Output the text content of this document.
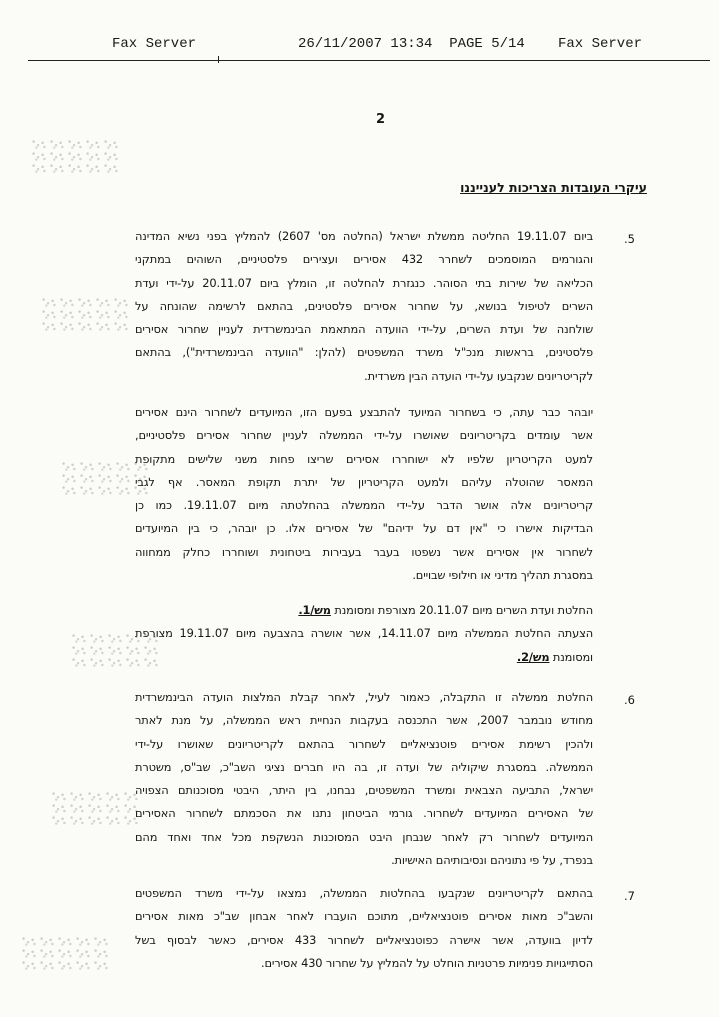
Fax Server

	26/11/2007 13:34  PAGE 5/14

Fax Server

2
עיקרי העובדות הצריכות לענייננו
.5
ביום 19.11.07 החליטה ממשלת ישראל (החלטה מס' 2607) להמליץ בפני נשיא המדינה
והגורמים המוסמכים לשחרר 432 אסירים ועצירים פלסטיניים, השוהים במתקני
הכליאה של שירות בתי הסוהר. כנגזרת להחלטה זו, הומלץ ביום 20.11.07 על-ידי ועדת
השרים לטיפול בנושא, על שחרור אסירים פלסטינים, בהתאם לרשימה שהונחה על
שולחנה של ועדת השרים, על-ידי הוועדה המתאמת הבינמשרדית לעניין שחרור אסירים
פלסטינים, בראשות מנכ"ל משרד המשפטים (להלן: "הוועדה הבינמשרדית"), בהתאם
לקריטריונים שנקבעו על-ידי הועדה הבין משרדית.
יובהר כבר עתה, כי בשחרור המיועד להתבצע בפעם הזו, המיועדים לשחרור הינם אסירים
אשר עומדים בקריטריונים שאושרו על-ידי הממשלה לעניין שחרור אסירים פלסטיניים,
למעט הקריטריון שלפיו לא ישוחררו אסירים שריצו פחות משני שלישים מתקופת
המאסר שהוטלה עליהם ולמעט הקריטריון של יתרת תקופת המאסר. אף לגבי
קריטריונים אלה אושר הדבר על-ידי הממשלה בהחלטתה מיום 19.11.07. כמו כן
הבדיקות אישרו כי "אין דם על ידיהם" של אסירים אלו. כן יובהר, כי בין המיועדים
לשחרור אין אסירים אשר נשפטו בעבר בעבירות ביטחונית ושוחררו כחלק ממחווה
במסגרת תהליך מדיני או חילופי שבויים.
החלטת ועדת השרים מיום 20.11.07 מצורפת ומסומנת מש/1.
הצעתה החלטת הממשלה מיום 14.11.07, אשר אושרה בהצבעה מיום 19.11.07 מצורפת
ומסומנת מש/2.
.6
החלטת ממשלה זו התקבלה, כאמור לעיל, לאחר קבלת המלצות הועדה הבינמשרדית
מחודש נובמבר 2007, אשר התכנסה בעקבות הנחיית ראש הממשלה, על מנת לאתר
ולהכין רשימת אסירים פוטנציאליים לשחרור בהתאם לקריטריונים שאושרו על-ידי
הממשלה. במסגרת שיקוליה של ועדה זו, בה היו חברים נציגי השב"כ, שב"ס, משטרת
ישראל, התביעה הצבאית ומשרד המשפטים, נבחנו, בין היתר, היבטי מסוכנותם הצפויה
של האסירים המיועדים לשחרור. גורמי הביטחון נתנו את הסכמתם לשחרור האסירים
המיועדים לשחרור רק לאחר שנבחן היבט המסוכנות הנשקפת מכל אחד ואחד מהם
בנפרד, על פי נתוניהם ונסיבותיהם האישיות.
.7
בהתאם לקריטריונים שנקבעו בהחלטות הממשלה, נמצאו על-ידי משרד המשפטים
והשב"כ מאות אסירים פוטנציאליים, מתוכם הועברו לאחר אבחון שב"כ מאות אסירים
לדיון בוועדה, אשר אישרה כפוטנציאליים לשחרור 433 אסירים, כאשר לבסוף בשל
הסתייגויות פנימיות פרטניות הוחלט על להמליץ על שחרור 430 אסירים.
